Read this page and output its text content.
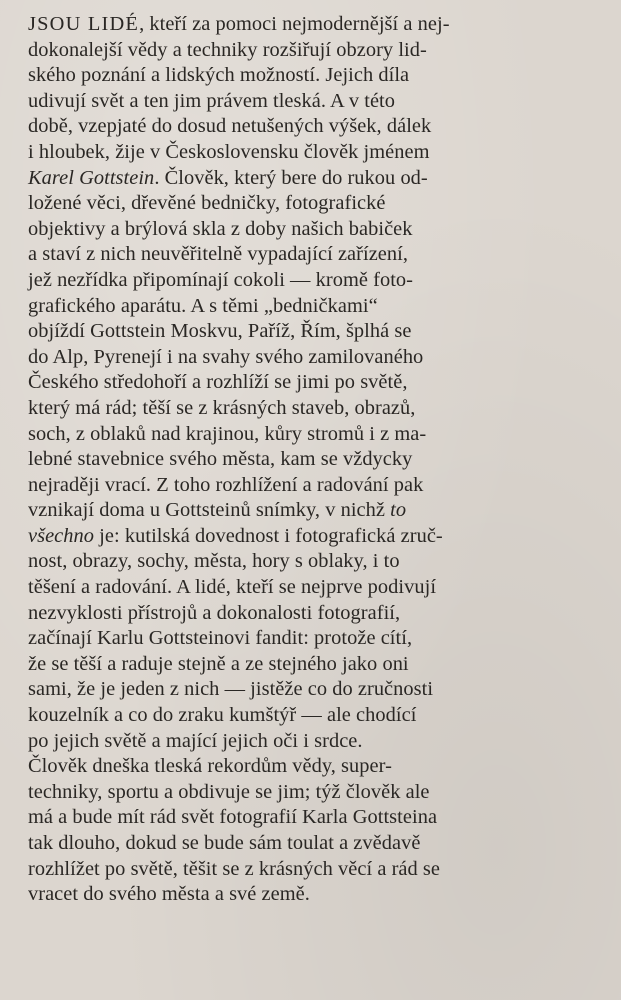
JSOU LIDÉ, kteří za pomoci nejmodernější a nej-
dokonalejší vědy a techniky rozšiřují obzory lid-
ského poznání a lidských možností. Jejich díla
udivují svět a ten jim právem tleská. A v této
době, vzepjaté do dosud netušených výšek, dálek
i hloubek, žije v Československu člověk jménem
Karel Gottstein. Člověk, který bere do rukou od-
ložené věci, dřevěné bedničky, fotografické
objektivy a brýlová skla z doby našich babiček
a staví z nich neuvěřitelně vypadající zařízení,
jež nezřídka připomínají cokoli — kromě foto-
grafického aparátu. A s těmi „bedničkami“
objíždí Gottstein Moskvu, Paříž, Řím, šplhá se
do Alp, Pyrenejí i na svahy svého zamilovaného
Českého středohoří a rozhlíží se jimi po světě,
který má rád; těší se z krásných staveb, obrazů,
soch, z oblaků nad krajinou, kůry stromů i z ma-
lebné stavebnice svého města, kam se vždycky
nejraději vrací. Z toho rozhlížení a radování pak
vznikají doma u Gottsteinů snímky, v nichž to
všechno je: kutilská dovednost i fotografická zruč-
nost, obrazy, sochy, města, hory s oblaky, i to
těšení a radování. A lidé, kteří se nejprve podivují
nezvyklosti přístrojů a dokonalosti fotografií,
začínají Karlu Gottsteinovi fandit: protože cítí,
že se těší a raduje stejně a ze stejného jako oni
sami, že je jeden z nich — jistěže co do zručnosti
kouzelník a co do zraku kumštýř — ale chodící
po jejich světě a mající jejich oči i srdce.
Člověk dneška tleská rekordům vědy, super-
techniky, sportu a obdivuje se jim; týž člověk ale
má a bude mít rád svět fotografií Karla Gottsteina
tak dlouho, dokud se bude sám toulat a zvědavě
rozhlížet po světě, těšit se z krásných věcí a rád se
vracet do svého města a své země.
